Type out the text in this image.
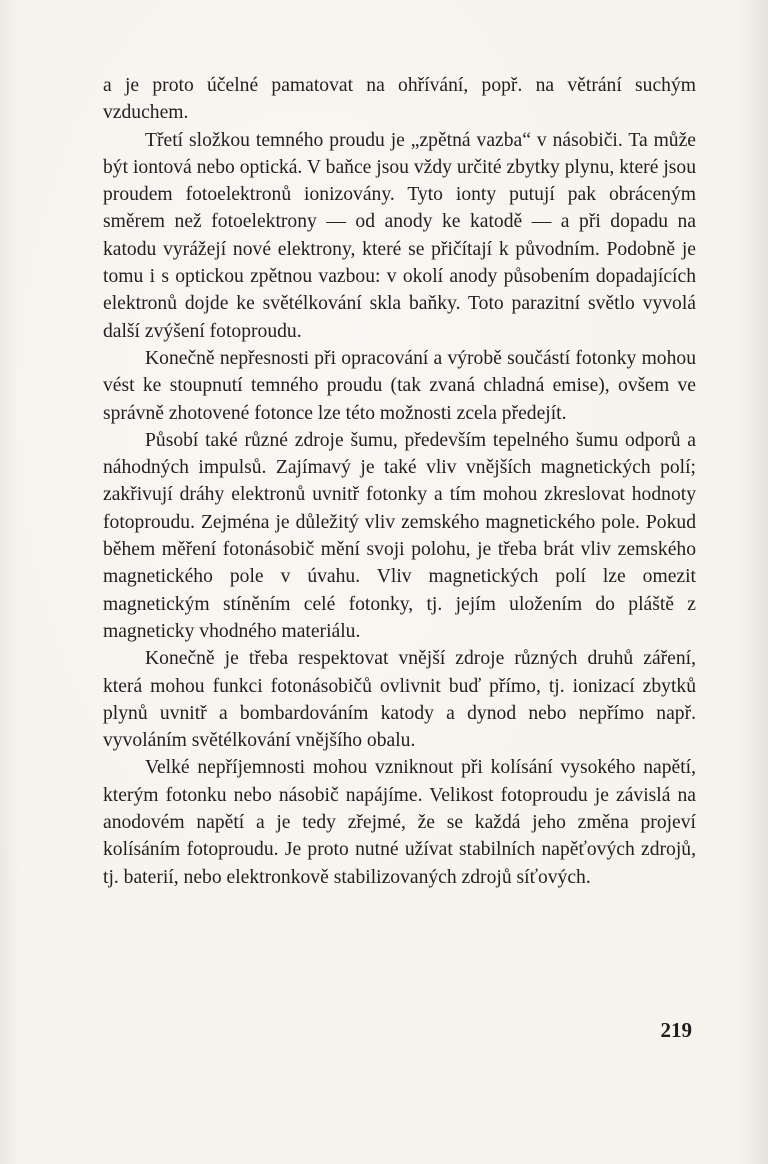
a je proto účelné pamatovat na ohřívání, popř. na větrání suchým vzduchem.

Třetí složkou temného proudu je „zpětná vazba“ v násobiči. Ta může být iontová nebo optická. V baňce jsou vždy určité zbytky plynu, které jsou proudem fotoelektronů ionizovány. Tyto ionty putují pak obráceným směrem než fotoelektrony — od anody ke katodě — a při dopadu na katodu vyrážejí nové elektrony, které se přičítají k původním. Podobně je tomu i s optickou zpětnou vazbou: v okolí anody působením dopadajících elektronů dojde ke světélkování skla baňky. Toto parazitní světlo vyvolá další zvýšení fotoproudu.

Konečně nepřesnosti při opracování a výrobě součástí fotonky mohou vést ke stoupnutí temného proudu (tak zvaná chladná emise), ovšem ve správně zhotovené fotonce lze této možnosti zcela předejít.

Působí také různé zdroje šumu, především tepelného šumu odporů a náhodných impulsů. Zajímavý je také vliv vnějších magnetických polí; zakřivují dráhy elektronů uvnitř fotonky a tím mohou zkreslovat hodnoty fotoproudu. Zejména je důležitý vliv zemského magnetického pole. Pokud během měření fotonásobič mění svoji polohu, je třeba brát vliv zemského magnetického pole v úvahu. Vliv magnetických polí lze omezit magnetickým stíněním celé fotonky, tj. jejím uložením do pláště z magneticky vhodného materiálu.

Konečně je třeba respektovat vnější zdroje různých druhů záření, která mohou funkci fotonásobičů ovlivnit buď přímo, tj. ionizací zbytků plynů uvnitř a bombardováním katody a dynod nebo nepřímo např. vyvoláním světélkování vnějšího obalu.

Velké nepříjemnosti mohou vzniknout při kolísání vysokého napětí, kterým fotonku nebo násobič napájíme. Velikost fotoproudu je závislá na anodovém napětí a je tedy zřejmé, že se každá jeho změna projeví kolísáním fotoproudu. Je proto nutné užívat stabilních napěťových zdrojů, tj. baterií, nebo elektronkově stabilizovaných zdrojů síťových.

219
